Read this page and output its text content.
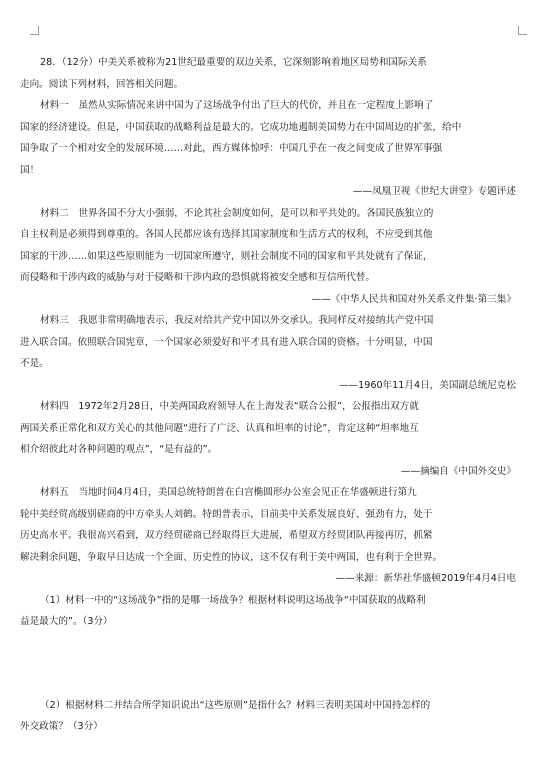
28．（12分）中美关系被称为21世纪最重要的双边关系，它深刻影响着地区局势和国际关系
走向。阅读下列材料，回答相关问题。
材料一　虽然从实际情况来讲中国为了这场战争付出了巨大的代价，并且在一定程度上影响了
国家的经济建设。但是，中国获取的战略利益是最大的。它成功地遏制美国势力在中国周边的扩张，给中
国争取了一个相对安全的发展环境……对此，西方媒体惊呼：中国几乎在一夜之间变成了世界军事强
国！
——凤凰卫视《世纪大讲堂》专题评述
材料二　世界各国不分大小强弱，不论其社会制度如何，是可以和平共处的。各国民族独立的
自主权利是必须得到尊重的。各国人民都应该有选择其国家制度和生活方式的权利，不应受到其他
国家的干涉……如果这些原则能为一切国家所遵守，则社会制度不同的国家和平共处就有了保证，
而侵略和干涉内政的威胁与对于侵略和干涉内政的恐惧就将被安全感和互信所代替。
——《中华人民共和国对外关系文件集·第三集》
材料三　我愿非常明确地表示，我反对给共产党中国以外交承认。我同样反对接纳共产党中国
进入联合国。依照联合国宪章，一个国家必须爱好和平才具有进入联合国的资格。十分明显，中国
不是。
——1960年11月4日，美国副总统尼克松
材料四　1972年2月28日，中美两国政府领导人在上海发表“联合公报”，公报指出双方就
两国关系正常化和双方关心的其他问题“进行了广泛、认真和坦率的讨论”，肯定这种“坦率地互
相介绍彼此对各种问题的观点”，“是有益的”。
——摘编自《中国外交史》
材料五　当地时间4月4日，美国总统特朗普在白宫椭圆形办公室会见正在华盛顿进行第九
轮中美经贸高级别磋商的中方牵头人刘鹤。特朗普表示，目前美中关系发展良好、强劲有力，处于
历史高水平。我很高兴看到，双方经贸磋商已经取得巨大进展，希望双方经贸团队再接再厉，抓紧
解决剩余问题，争取早日达成一个全面、历史性的协议，这不仅有利于美中两国，也有利于全世界。
——来源：新华社华盛顿2019年4月4日电
（1）材料一中的“这场战争”指的是哪一场战争？根据材料说明这场战争“中国获取的战略利
益是最大的”。（3分）
（2）根据材料二并结合所学知识说出“这些原则”是指什么？材料三表明美国对中国持怎样的
外交政策？（3分）
